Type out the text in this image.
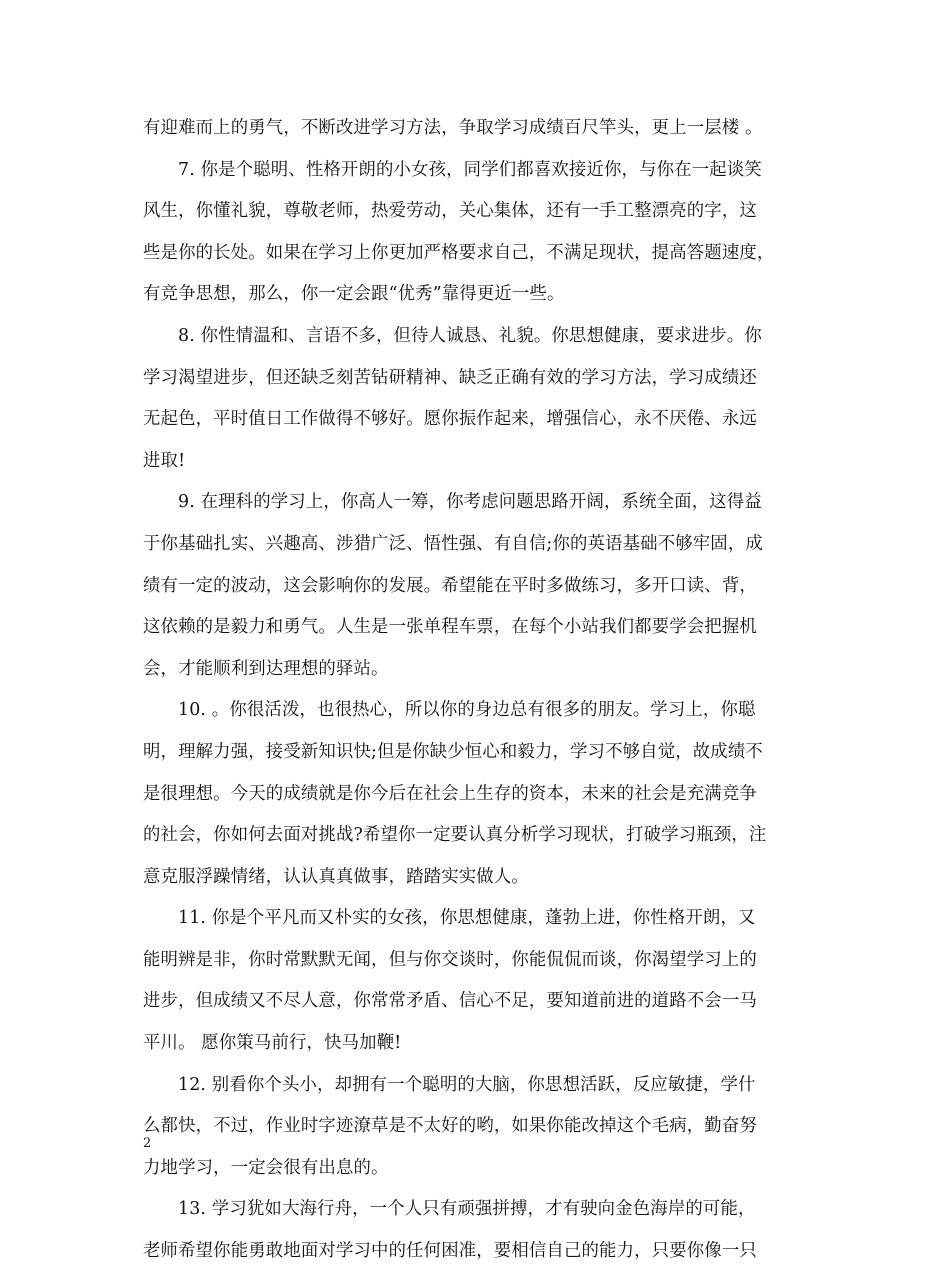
有迎难而上的勇气，不断改进学习方法，争取学习成绩百尺竿头，更上一层楼 。
7. 你是个聪明、性格开朗的小女孩，同学们都喜欢接近你，与你在一起谈笑
风生，你懂礼貌，尊敬老师，热爱劳动，关心集体，还有一手工整漂亮的字，这
些是你的长处。如果在学习上你更加严格要求自己，不满足现状，提高答题速度，
有竞争思想，那么，你一定会跟“优秀”靠得更近一些。
8. 你性情温和、言语不多，但待人诚恳、礼貌。你思想健康，要求进步。你
学习渴望进步，但还缺乏刻苦钻研精神、缺乏正确有效的学习方法，学习成绩还
无起色，平时值日工作做得不够好。愿你振作起来，增强信心，永不厌倦、永远
进取!
9. 在理科的学习上，你高人一筹，你考虑问题思路开阔，系统全面，这得益
于你基础扎实、兴趣高、涉猎广泛、悟性强、有自信;你的英语基础不够牢固，成
绩有一定的波动，这会影响你的发展。希望能在平时多做练习，多开口读、背，
这依赖的是毅力和勇气。人生是一张单程车票，在每个小站我们都要学会把握机
会，才能顺利到达理想的驿站。
10. 。你很活泼，也很热心，所以你的身边总有很多的朋友。学习上，你聪
明，理解力强，接受新知识快;但是你缺少恒心和毅力，学习不够自觉，故成绩不
是很理想。今天的成绩就是你今后在社会上生存的资本，未来的社会是充满竞争
的社会，你如何去面对挑战?希望你一定要认真分析学习现状，打破学习瓶颈，注
意克服浮躁情绪，认认真真做事，踏踏实实做人。
11. 你是个平凡而又朴实的女孩，你思想健康，蓬勃上进，你性格开朗，又
能明辨是非，你时常默默无闻，但与你交谈时，你能侃侃而谈，你渴望学习上的
进步，但成绩又不尽人意，你常常矛盾、信心不足，要知道前进的道路不会一马
平川。 愿你策马前行，快马加鞭!
12. 别看你个头小，却拥有一个聪明的大脑，你思想活跃，反应敏捷，学什
么都快，不过，作业时字迹潦草是不太好的哟，如果你能改掉这个毛病，勤奋努
力地学习，一定会很有出息的。
13. 学习犹如大海行舟，一个人只有顽强拼搏，才有驶向金色海岸的可能，
老师希望你能勇敢地面对学习中的任何困准，要相信自己的能力，只要你像一只
2
